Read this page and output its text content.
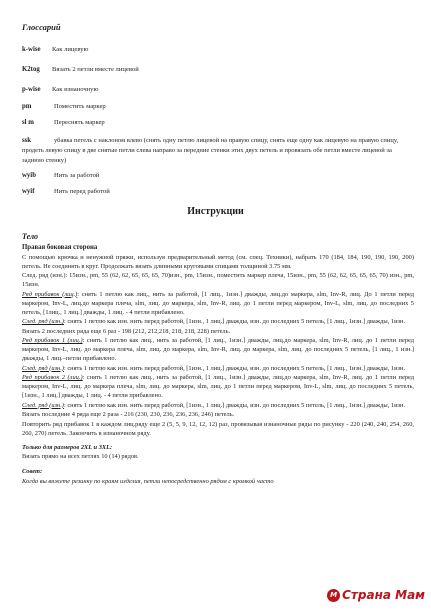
Глоссарий
k-wise Как лицевую
K2tog Вязать 2 петли вместе лицевой
p-wise Как изнаночную
pm	Поместить маркер
sl m	Переснять маркер
ssk	убавка петель с наклоном влево (снять одну петлю лицевой на правую спицу, снять еще одну как лицевую на правую спицу, продеть левую спицу в две снятые петли слева направо за передние стенки этих двух петель и провязать обе петли вместе лицевой за заднюю стенку)
wyib	Нить за работой
wyif	Нить перед работой
Инструкции
Тело

Правая боковая сторона

С помощью крючка и ненужной пряжи, используя предварительный метод (см. спец. Техники), набрать 170 (184, 184, 190, 190, 190, 200) петель. Не соединять в круг. Продолжать вязать длинными круговыми спицами толщиной 3.75 мм.

След. ряд (изн.): 15изн., pm, 55 (62, 62, 65, 65, 65, 70)изн., pm, 15изн., поместить маркер плеча, 15изн., pm, 55 (62, 62, 65, 65, 65, 70) изн., pm, 15изн.

Ряд прибавок (лиц.): снять 1 петлю как лиц., нить за работой, [1 лиц., 1изн.] дважды, лиц.до маркера, slm, Inv-R, лиц. До 1 петли перед маркером, Inv-L, лиц.до маркера плеча, slm, лиц. до маркера, slm, Inv-R, лиц. до 1 петли перед маркером, Inv-L, slm, лиц. до последних 5 петель, [1лиц., 1 лиц.] дважды, 1 лиц. - 4 петли прибавлено.

След. ряд (изн.): снять 1 петлю как изн. нить перед работой, [1изн., 1 лиц.] дважды, изн. до последних 5 петель, [1 лиц., 1изн.] дважды, 1изн.

Вязать 2 последних ряда еще 6 раз - 198 (212, 212,218, 218, 218, 228) петель.

Ряд прибавок 1 (лиц.): снять 1 петлю как лиц., нить за работой, [1 лиц., 1изн.] дважды, лиц.до маркера, slm, Inv-R, лиц. до 1 петли перед маркером, Inv-L, лиц. до маркера плеча, slm, лиц. до маркера, slm, Inv-R, лиц. до маркера, slm, лиц. до последних 5 петель, [1 лиц., 1 изн.] дважды, 1 лиц.–петли прибавлено.

След. ряд (изн.): снять 1 петлю как изн. нить перед работой, [1изн., 1 лиц.] дважды, изн. до последних 5 петель, [1 лиц., 1изн.] дважды, 1изн.

Ряд прибавок 2 (лиц.): снять 1 петлю как лиц., нить за работой, [1 лиц., 1изн.] дважды, лиц.до маркера, slm, Inv-R, лиц. до 1 петли перед маркером, Inv-L, лиц. до маркера плеча, slm, лиц. до маркера, slm, лиц. до 1 петли перед маркером, Inv-L, slm, лиц. до последних 5 петель, [1изн., 1 лиц.] дважды, 1 лиц. - 4 петли прибавлено.

След. ряд (изн.): снять 1 петлю как изн. нить перед работой, [1изн., 1 лиц.] дважды, изн. до последних 5 петель, [1 лиц., 1изн.] дважды, 1изн.

Вязать последние 4 ряда еще 2 раза - 216 (230, 230, 236, 236, 236, 246) петель.

Повторить ряд прибавок 1 в каждом лиц.ряду еще 2 (5, 5, 9, 12, 12, 12) раз, провязывая изнаночные ряды по рисунку - 220 (240, 240, 254, 260, 260, 270) петель. Закончить в изнаночном ряду.

Только для размеров 2XL и 3XL:

Вязать прямо на всех петлях 10 (14) рядов.

Совет:

Когда вы вяжете резинку по краям изделия, петли непосредственно рядом с кромкой часто

M Страна Мам
